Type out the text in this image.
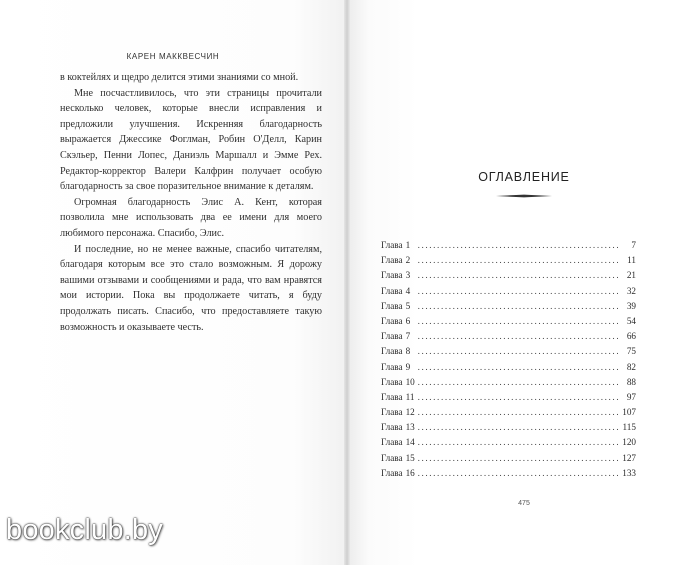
КАРЕН МАККВЕСЧИН

в коктейлях и щедро делится этими знаниями со мной.

Мне посчастливилось, что эти страницы прочитали несколько человек, которые внесли исправления и предложили улучшения. Искренняя благодарность выражается Джессике Фоглман, Робин О'Делл, Карин Скэльер, Пенни Лопес, Даниэль Маршалл и Эмме Рех. Редактор-корректор Валери Калфрин получает особую благодарность за свое поразительное внимание к деталям.

Огромная благодарность Элис А. Кент, которая позволила мне использовать два ее имени для моего любимого персонажа. Спасибо, Элис.

И последние, но не менее важные, спасибо читателям, благодаря которым все это стало возможным. Я дорожу вашими отзывами и сообщениями и рада, что вам нравятся мои истории. Пока вы продолжаете читать, я буду продолжать писать. Спасибо, что предоставляете такую возможность и оказываете честь.

ОГЛАВЛЕНИЕ
Глава 1 .....	7
Глава 2 .....	11
Глава 3 .....	21
Глава 4 .....	32
Глава 5 .....	39
Глава 6 .....	54
Глава 7 .....	66
Глава 8 .....	75
Глава 9 .....	82
Глава 10 .....	88
Глава 11 .....	97
Глава 12 .....	107
Глава 13 .....	115
Глава 14 .....	120
Глава 15 .....	127
Глава 16 .....	133
475
bookclub.by
